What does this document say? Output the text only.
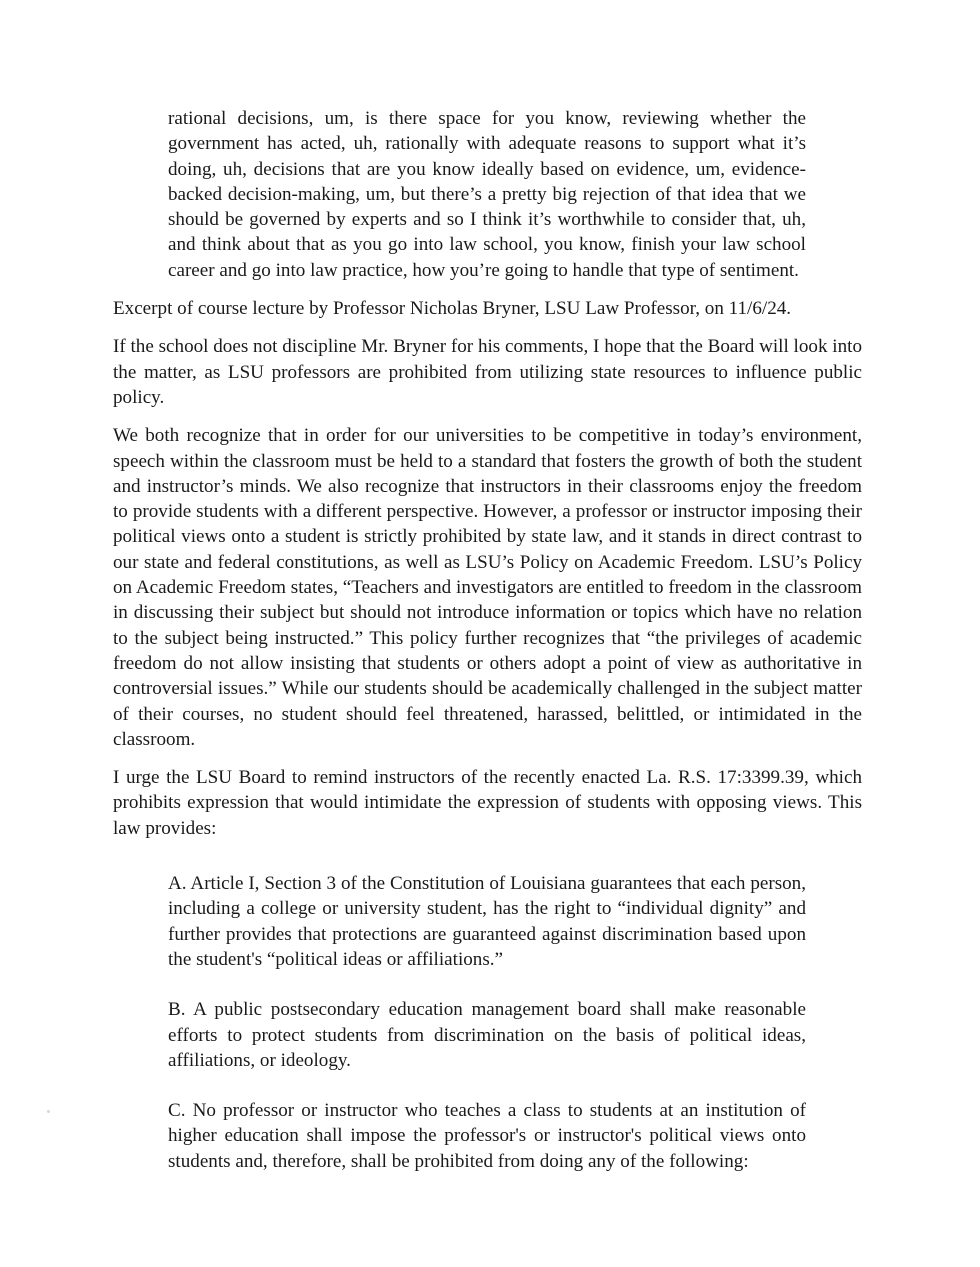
rational decisions, um, is there space for you know, reviewing whether the government has acted, uh, rationally with adequate reasons to support what it’s doing, uh, decisions that are you know ideally based on evidence, um, evidence-backed decision-making, um, but there’s a pretty big rejection of that idea that we should be governed by experts and so I think it’s worthwhile to consider that, uh, and think about that as you go into law school, you know, finish your law school career and go into law practice, how you’re going to handle that type of sentiment.

Excerpt of course lecture by Professor Nicholas Bryner, LSU Law Professor, on 11/6/24.

If the school does not discipline Mr. Bryner for his comments, I hope that the Board will look into the matter, as LSU professors are prohibited from utilizing state resources to influence public policy.

We both recognize that in order for our universities to be competitive in today’s environment, speech within the classroom must be held to a standard that fosters the growth of both the student and instructor’s minds. We also recognize that instructors in their classrooms enjoy the freedom to provide students with a different perspective. However, a professor or instructor imposing their political views onto a student is strictly prohibited by state law, and it stands in direct contrast to our state and federal constitutions, as well as LSU’s Policy on Academic Freedom. LSU’s Policy on Academic Freedom states, “Teachers and investigators are entitled to freedom in the classroom in discussing their subject but should not introduce information or topics which have no relation to the subject being instructed.” This policy further recognizes that “the privileges of academic freedom do not allow insisting that students or others adopt a point of view as authoritative in controversial issues.” While our students should be academically challenged in the subject matter of their courses, no student should feel threatened, harassed, belittled, or intimidated in the classroom.

I urge the LSU Board to remind instructors of the recently enacted La. R.S. 17:3399.39, which prohibits expression that would intimidate the expression of students with opposing views. This law provides:

A. Article I, Section 3 of the Constitution of Louisiana guarantees that each person, including a college or university student, has the right to “individual dignity” and further provides that protections are guaranteed against discrimination based upon the student's “political ideas or affiliations.”

B. A public postsecondary education management board shall make reasonable efforts to protect students from discrimination on the basis of political ideas, affiliations, or ideology.

C. No professor or instructor who teaches a class to students at an institution of higher education shall impose the professor's or instructor's political views onto students and, therefore, shall be prohibited from doing any of the following:
